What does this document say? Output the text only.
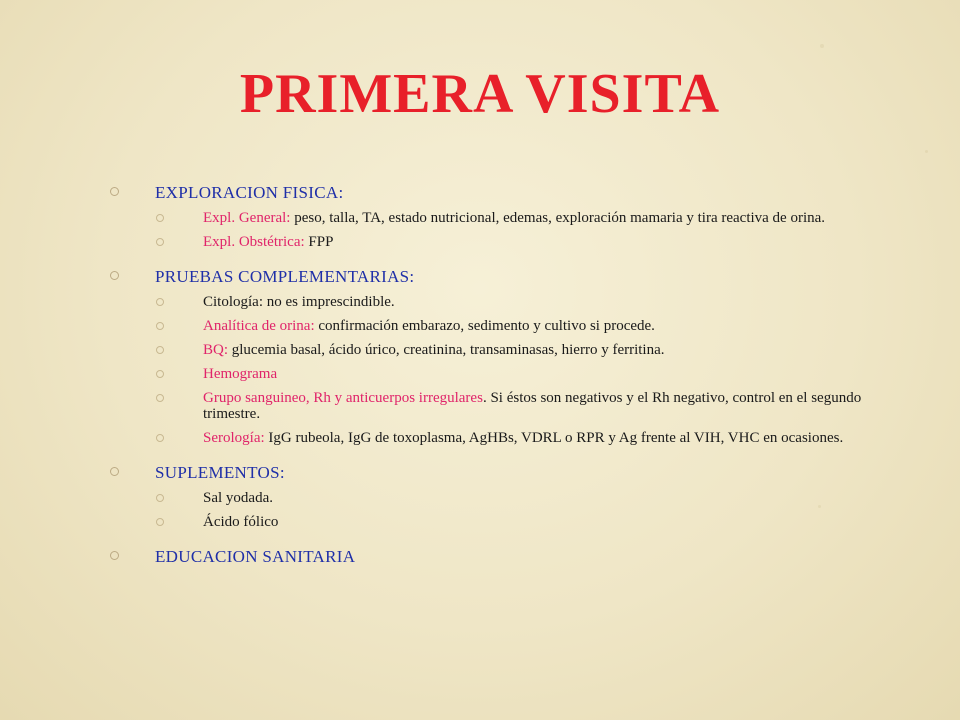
PRIMERA VISITA
EXPLORACION FISICA:
Expl. General: peso, talla, TA, estado nutricional, edemas, exploración mamaria y tira reactiva de orina.
Expl. Obstétrica: FPP
PRUEBAS COMPLEMENTARIAS:
Citología: no es imprescindible.
Analítica de orina: confirmación embarazo, sedimento y cultivo si procede.
BQ: glucemia basal, ácido úrico, creatinina, transaminasas, hierro y ferritina.
Hemograma
Grupo sanguineo, Rh y anticuerpos irregulares. Si éstos son negativos y el Rh negativo, control en el segundo trimestre.
Serología: IgG rubeola, IgG de toxoplasma, AgHBs, VDRL o RPR y Ag frente al VIH, VHC en ocasiones.
SUPLEMENTOS:
Sal yodada.
Ácido fólico
EDUCACION SANITARIA
